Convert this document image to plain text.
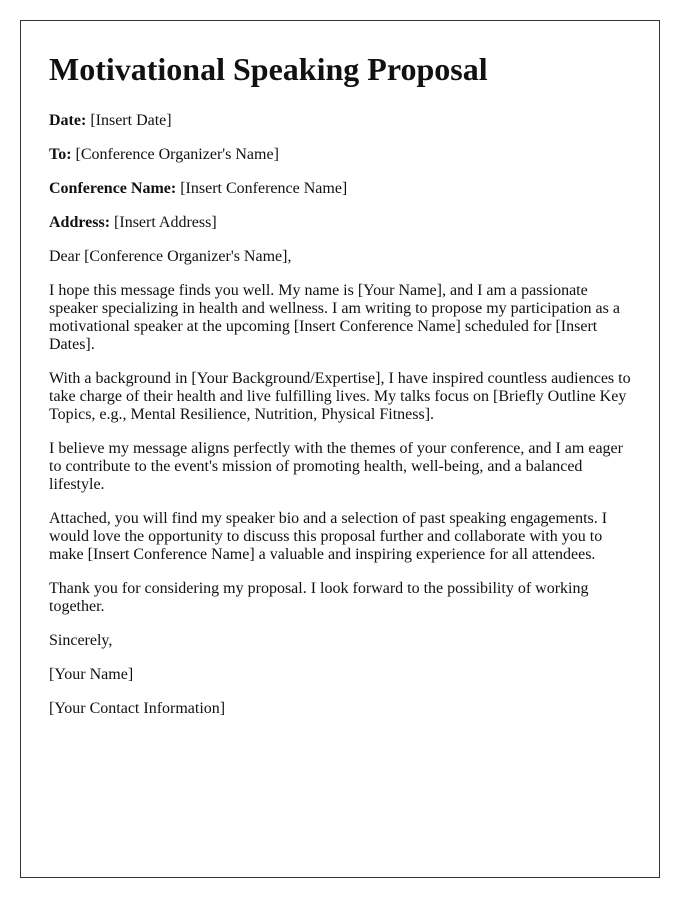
Motivational Speaking Proposal

Date: [Insert Date]

To: [Conference Organizer's Name]

Conference Name: [Insert Conference Name]

Address: [Insert Address]

Dear [Conference Organizer's Name],

I hope this message finds you well. My name is [Your Name], and I am a passionate speaker specializing in health and wellness. I am writing to propose my participation as a motivational speaker at the upcoming [Insert Conference Name] scheduled for [Insert Dates].

With a background in [Your Background/Expertise], I have inspired countless audiences to take charge of their health and live fulfilling lives. My talks focus on [Briefly Outline Key Topics, e.g., Mental Resilience, Nutrition, Physical Fitness].

I believe my message aligns perfectly with the themes of your conference, and I am eager to contribute to the event's mission of promoting health, well-being, and a balanced lifestyle.

Attached, you will find my speaker bio and a selection of past speaking engagements. I would love the opportunity to discuss this proposal further and collaborate with you to make [Insert Conference Name] a valuable and inspiring experience for all attendees.

Thank you for considering my proposal. I look forward to the possibility of working together.

Sincerely,

[Your Name]

[Your Contact Information]
